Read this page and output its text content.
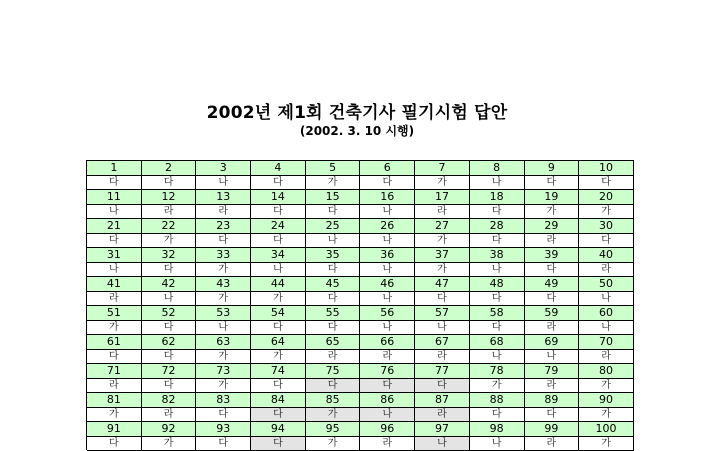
2002년 제1회 건축기사 필기시험 답안
(2002. 3. 10 시행)
1	2	3	4	5	6	7	8	9	10
다	다	나	다	가	다	가	나	다	다
11	12	13	14	15	16	17	18	19	20
나	라	라	다	다	나	라	다	가	가
21	22	23	24	25	26	27	28	29	30
다	가	다	다	나	나	가	다	라	다
31	32	33	34	35	36	37	38	39	40
나	다	가	나	다	나	가	나	다	라
41	42	43	44	45	46	47	48	49	50
라	나	가	가	다	나	다	다	다	나
51	52	53	54	55	56	57	58	59	60
가	다	나	다	다	나	나	다	라	나
61	62	63	64	65	66	67	68	69	70
다	다	가	가	라	라	라	나	나	라
71	72	73	74	75	76	77	78	79	80
라	다	가	다	다	다	다	가	라	가
81	82	83	84	85	86	87	88	89	90
가	라	다	다	가	나	라	다	다	가
91	92	93	94	95	96	97	98	99	100
다	가	다	다	가	라	나	나	라	가
